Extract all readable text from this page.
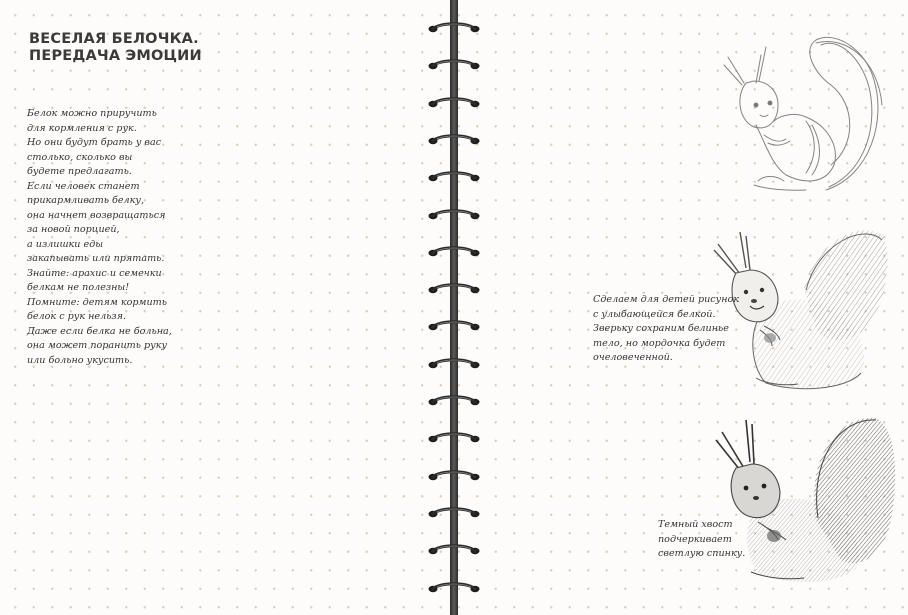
ВЕСЕЛАЯ БЕЛОЧКА.
ПЕРЕДАЧА ЭМОЦИИ
Белок можно приручить
для кормления с рук.
Но они будут брать у вас
столько, сколько вы
будете предлагать.
Если человек станет
прикармливать белку,
она начнет возвращаться
за новой порцией,
а излишки еды
закапывать или прятать.
Знайте: арахис и семечки
белкам не полезны!
Помните: детям кормить
белок с рук нельзя.
Даже если белка не больна,
она может поранить руку
или больно укусить.
Сделаем для детей рисунок
с улыбающейся белкой.
Зверьку сохраним белинье
тело, но мордочка будет
очеловеченной.
Темный хвост
подчеркивает
светлую спинку.
